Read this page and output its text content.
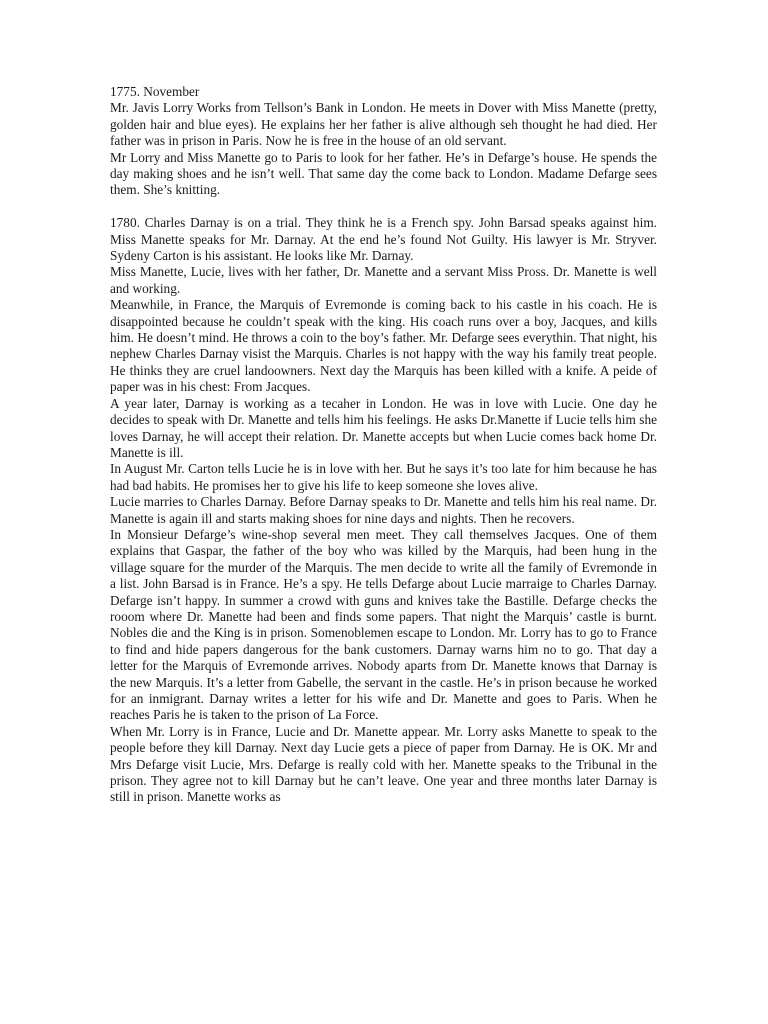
1775. November

Mr. Javis Lorry Works from Tellson’s Bank in London. He meets in Dover with Miss Manette (pretty, golden hair and blue eyes). He explains her her father is alive although seh thought he had died. Her father was in prison in Paris. Now he is free in the house of an old servant.

Mr Lorry and Miss Manette go to Paris to look for her father. He’s in Defarge’s house. He spends the day making shoes and he isn’t well. That same day the come back to London. Madame Defarge sees them. She’s knitting.

1780. Charles Darnay is on a trial. They think he is a French spy. John Barsad speaks against him. Miss Manette speaks for Mr. Darnay. At the end he’s found Not Guilty. His lawyer is Mr. Stryver. Sydeny Carton is his assistant. He looks like Mr. Darnay.

Miss Manette, Lucie, lives with her father, Dr. Manette and a servant Miss Pross. Dr. Manette is well and working.

Meanwhile, in France, the Marquis of Evremonde is coming back to his castle in his coach. He is disappointed because he couldn’t speak with the king. His coach runs over a boy, Jacques, and kills him. He doesn’t mind. He throws a coin to the boy’s father. Mr. Defarge sees everythin. That night, his nephew Charles Darnay visist the Marquis. Charles is not happy with the way his family treat people. He thinks they are cruel landoowners. Next day the Marquis has been killed with a knife. A peide of paper was in his chest: From Jacques.

A year later, Darnay is working as a tecaher in London. He was in love with Lucie. One day he decides to speak with Dr. Manette and tells him his feelings. He asks Dr.Manette if Lucie tells him she loves Darnay, he will accept their relation. Dr. Manette accepts but when Lucie comes back home Dr. Manette is ill.

In August Mr. Carton tells Lucie he is in love with her. But he says it’s too late for him because he has had bad habits. He promises her to give his life to keep someone she loves alive.

Lucie marries to Charles Darnay. Before Darnay speaks to Dr. Manette and tells him his real name. Dr. Manette is again ill and starts making shoes for nine days and nights. Then he recovers.

In Monsieur Defarge’s wine-shop several men meet. They call themselves Jacques. One of them explains that Gaspar, the father of the boy who was killed by the Marquis, had been hung in the village square for the murder of the Marquis. The men decide to write all the family of Evremonde in a list. John Barsad is in France. He’s a spy. He tells Defarge about Lucie marraige to Charles Darnay. Defarge isn’t happy. In summer a crowd with guns and knives take the Bastille. Defarge checks the rooom where Dr. Manette had been and finds some papers. That night the Marquis’ castle is burnt. Nobles die and the King is in prison. Somenoblemen escape to London. Mr. Lorry has to go to France to find and hide papers dangerous for the bank customers. Darnay warns him no to go. That day a letter for the Marquis of Evremonde arrives. Nobody aparts from Dr. Manette knows that Darnay is the new Marquis. It’s a letter from Gabelle, the servant in the castle. He’s in prison because he worked for an inmigrant. Darnay writes a letter for his wife and Dr. Manette and goes to Paris. When he reaches Paris he is taken to the prison of La Force.

When Mr. Lorry is in France, Lucie and Dr. Manette appear. Mr. Lorry asks Manette to speak to the people before they kill Darnay. Next day Lucie gets a piece of paper from Darnay. He is OK. Mr and Mrs Defarge visit Lucie, Mrs. Defarge is really cold with her. Manette speaks to the Tribunal in the prison. They agree not to kill Darnay but he can’t leave. One year and three months later Darnay is still in prison. Manette works as
